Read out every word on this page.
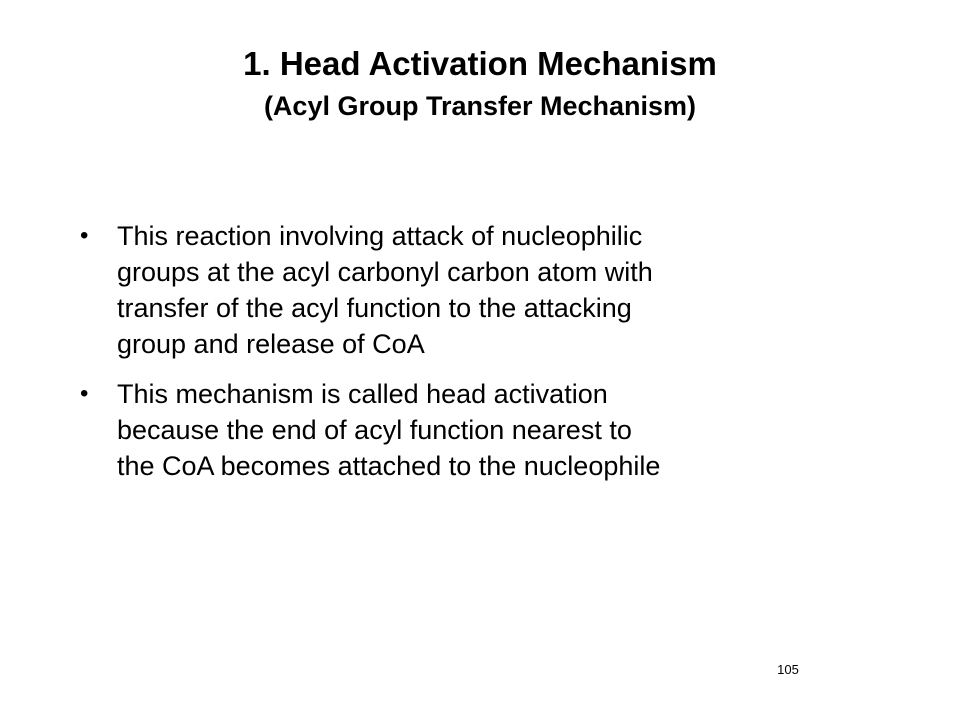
1. Head Activation Mechanism
(Acyl Group Transfer Mechanism)
•	This reaction involving attack of nucleophilic
groups at the acyl carbonyl carbon atom with
transfer of the acyl function to the attacking
group and release of CoA
•	This mechanism is called head activation
because the end of acyl function nearest to
the CoA becomes attached to the nucleophile
105
